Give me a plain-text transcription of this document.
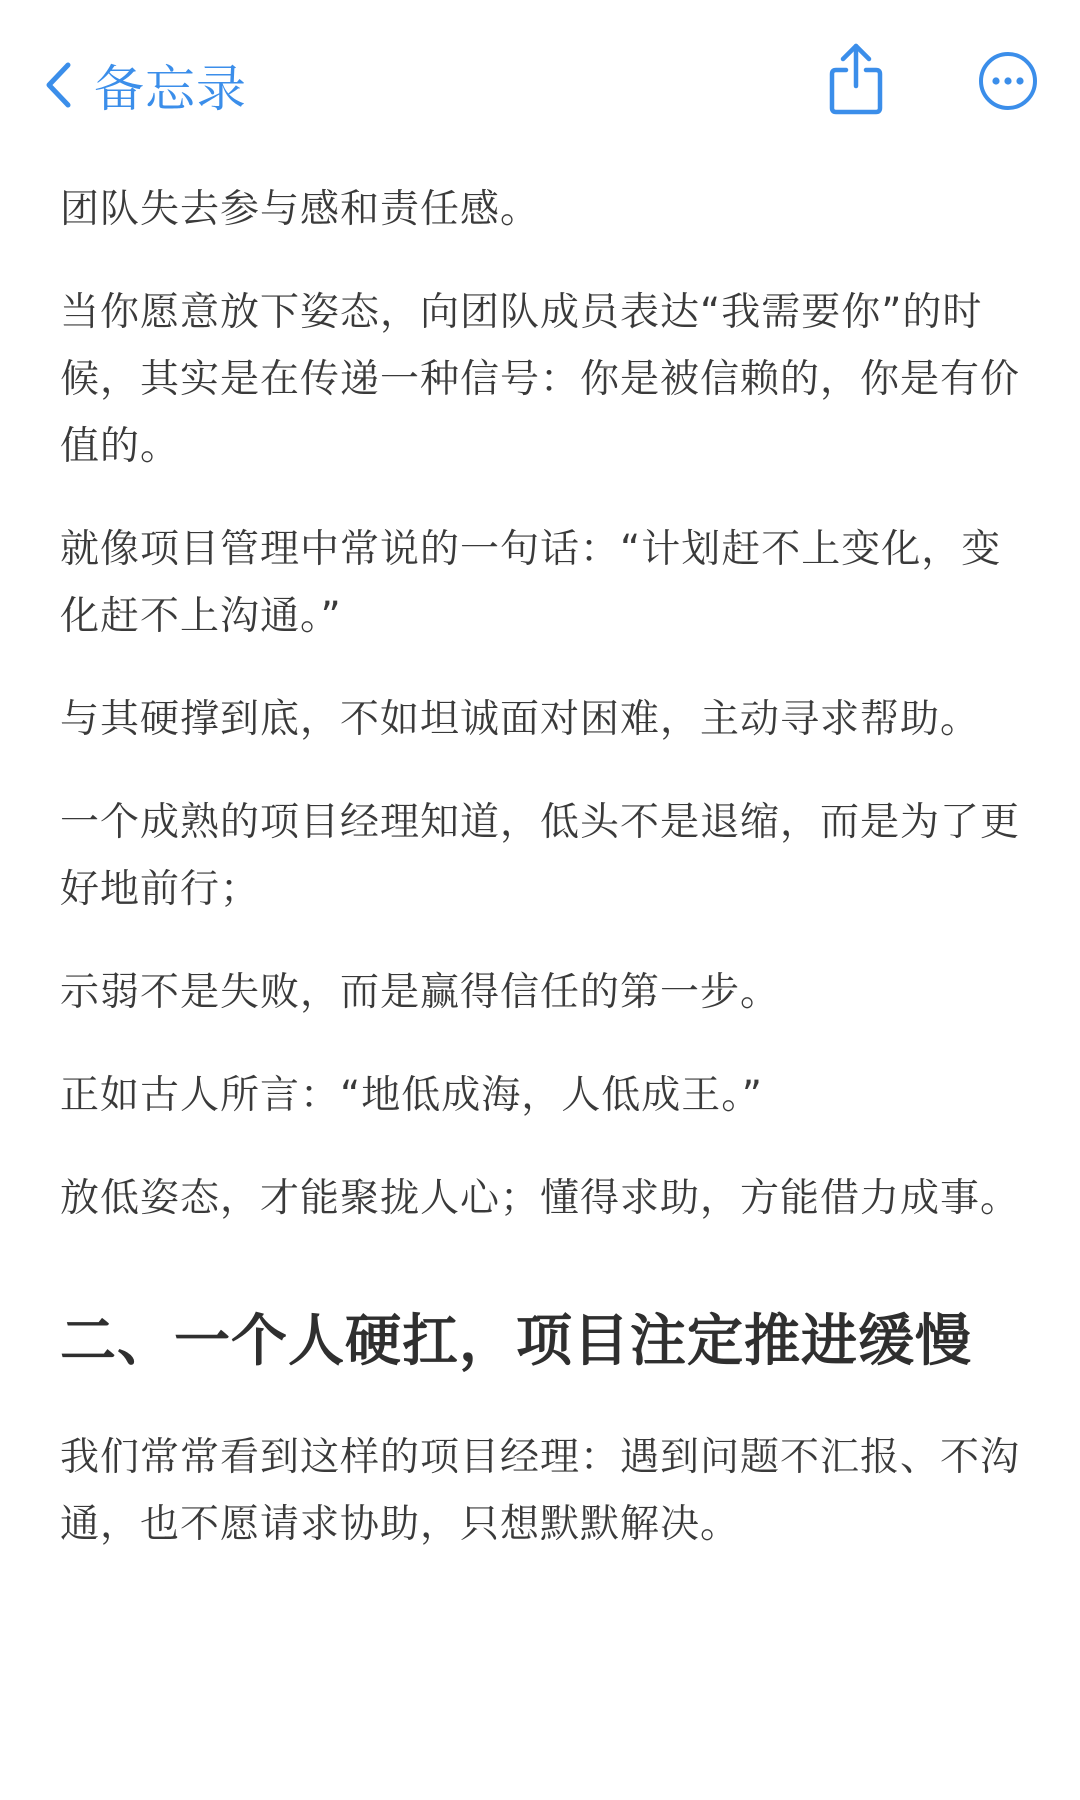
备忘录

团队失去参与感和责任感。

当你愿意放下姿态，向团队成员表达“我需要你”的时候，其实是在传递一种信号：你是被信赖的，你是有价值的。

就像项目管理中常说的一句话：“计划赶不上变化，变化赶不上沟通。”

与其硬撑到底，不如坦诚面对困难，主动寻求帮助。

一个成熟的项目经理知道，低头不是退缩，而是为了更好地前行；

示弱不是失败，而是赢得信任的第一步。

正如古人所言：“地低成海，人低成王。”

放低姿态，才能聚拢人心；懂得求助，方能借力成事。

二、一个人硬扛，项目注定推进缓慢

我们常常看到这样的项目经理：遇到问题不汇报、不沟通，也不愿请求协助，只想默默解决。
